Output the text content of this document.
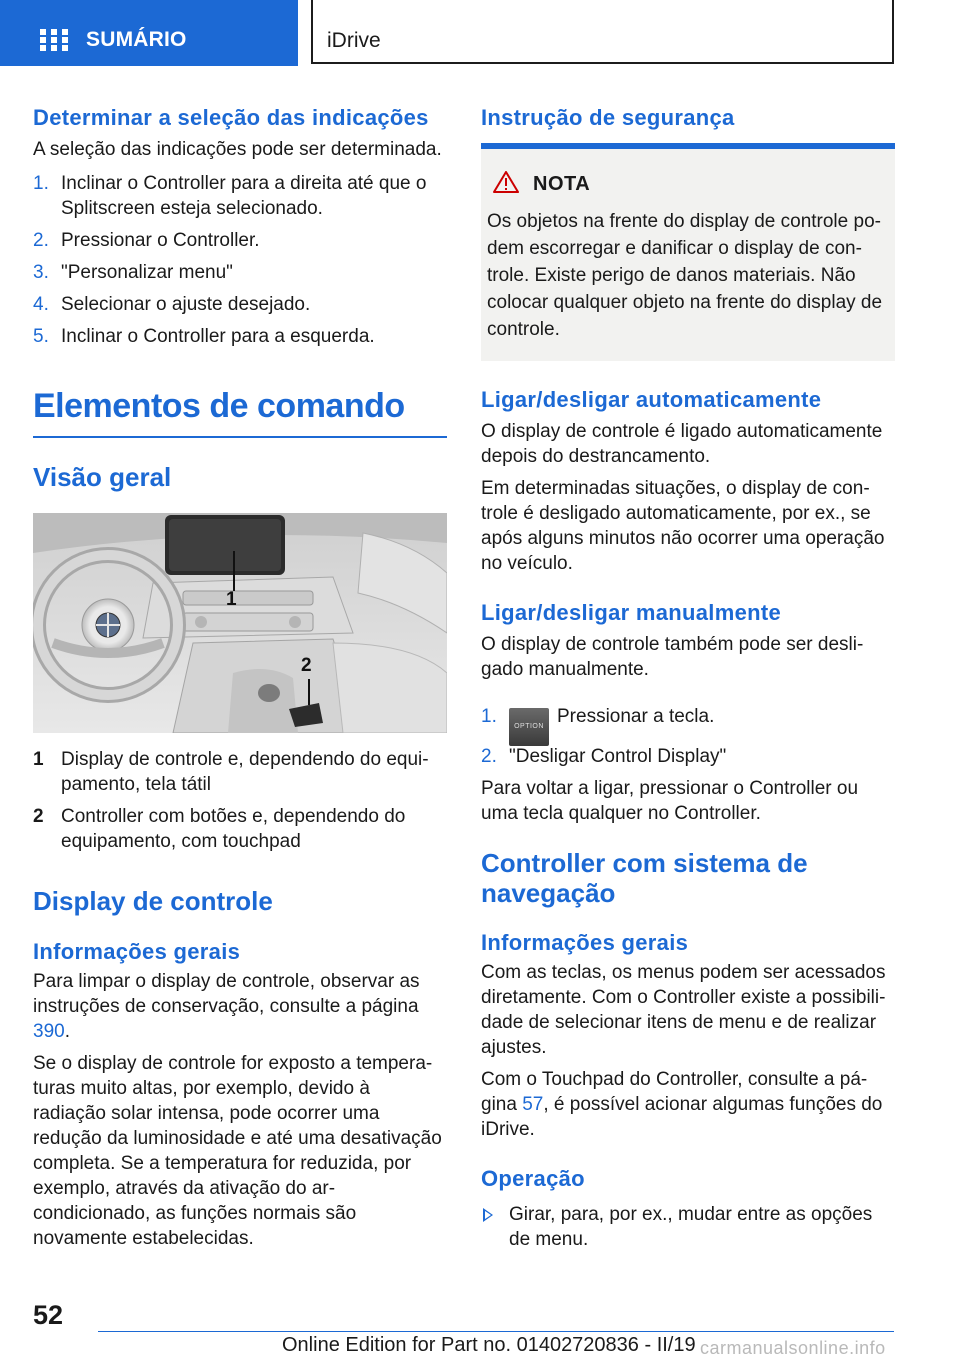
SUMÁRIO	iDrive
Determinar a seleção das indicações

A seleção das indicações pode ser determinada.

1. Inclinar o Controller para a direita até que o Splitscreen esteja selecionado.
2. Pressionar o Controller.
3. "Personalizar menu"
4. Selecionar o ajuste desejado.
5. Inclinar o Controller para a esquerda.
Elementos de comando
Visão geral
1
2
1 Display de controle e, dependendo do equipamento, tela tátil
2 Controller com botões e, dependendo do equipamento, com touchpad
Display de controle
Informações gerais

Para limpar o display de controle, observar as instruções de conservação, consulte a página 390.

Se o display de controle for exposto a temperaturas muito altas, por exemplo, devido à radiação solar intensa, pode ocorrer uma redução da luminosidade e até uma desativação completa. Se a temperatura for reduzida, por exemplo, através da ativação do ar-condicionado, as funções normais são novamente estabelecidas.

Instrução de segurança
NOTA

Os objetos na frente do display de controle podem escorregar e danificar o display de controle. Existe perigo de danos materiais. Não colocar qualquer objeto na frente do display de controle.

Ligar/desligar automaticamente

O display de controle é ligado automaticamente depois do destrancamento.

Em determinadas situações, o display de controle é desligado automaticamente, por ex., se após alguns minutos não ocorrer uma operação no veículo.

Ligar/desligar manualmente

O display de controle também pode ser desligado manualmente.

1. OPTION Pressionar a tecla.
2. "Desligar Control Display"

Para voltar a ligar, pressionar o Controller ou uma tecla qualquer no Controller.

Controller com sistema de navegação
Informações gerais

Com as teclas, os menus podem ser acessados diretamente. Com o Controller existe a possibilidade de selecionar itens de menu e de realizar ajustes.

Com o Touchpad do Controller, consulte a página 57, é possível acionar algumas funções do iDrive.

Operação
Girar, para, por ex., mudar entre as opções de menu.
52
Online Edition for Part no. 01402720836 - II/19 carmanualsonline.info
